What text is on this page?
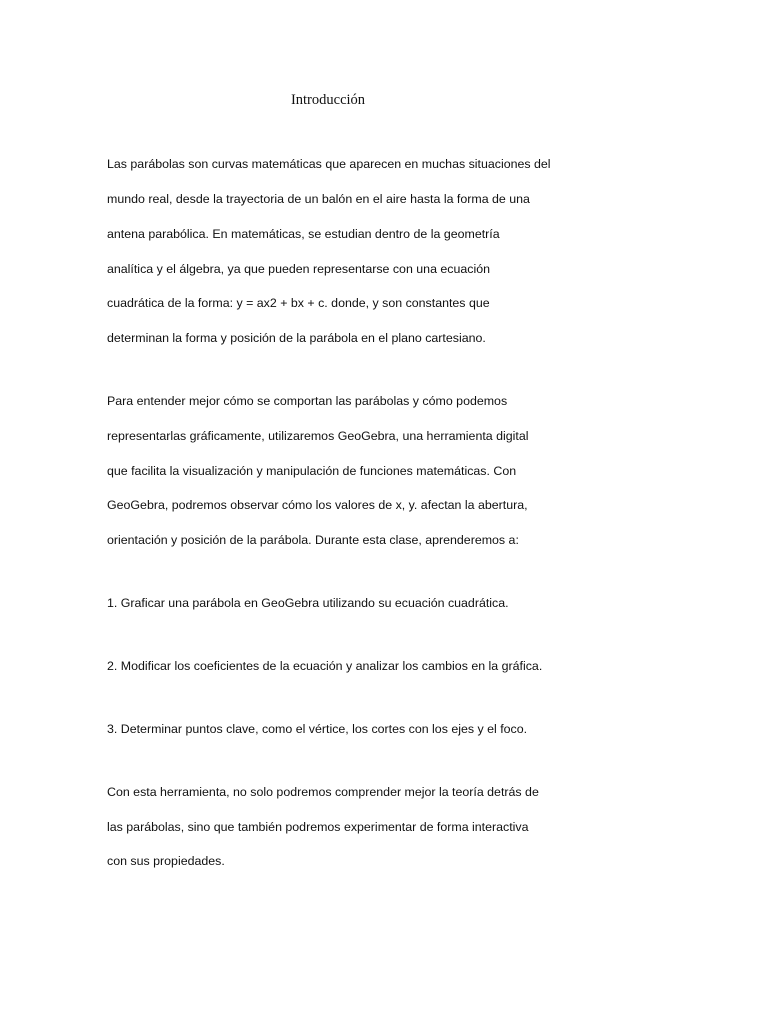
Introducción
Las parábolas son curvas matemáticas que aparecen en muchas situaciones del
mundo real, desde la trayectoria de un balón en el aire hasta la forma de una
antena parabólica. En matemáticas, se estudian dentro de la geometría
analítica y el álgebra, ya que pueden representarse con una ecuación
cuadrática de la forma: y = ax2 + bx + c. donde, y son constantes que
determinan la forma y posición de la parábola en el plano cartesiano.
Para entender mejor cómo se comportan las parábolas y cómo podemos
representarlas gráficamente, utilizaremos GeoGebra, una herramienta digital
que facilita la visualización y manipulación de funciones matemáticas. Con
GeoGebra, podremos observar cómo los valores de x, y. afectan la abertura,
orientación y posición de la parábola. Durante esta clase, aprenderemos a:
1. Graficar una parábola en GeoGebra utilizando su ecuación cuadrática.
2. Modificar los coeficientes de la ecuación y analizar los cambios en la gráfica.
3. Determinar puntos clave, como el vértice, los cortes con los ejes y el foco.
Con esta herramienta, no solo podremos comprender mejor la teoría detrás de
las parábolas, sino que también podremos experimentar de forma interactiva
con sus propiedades.
